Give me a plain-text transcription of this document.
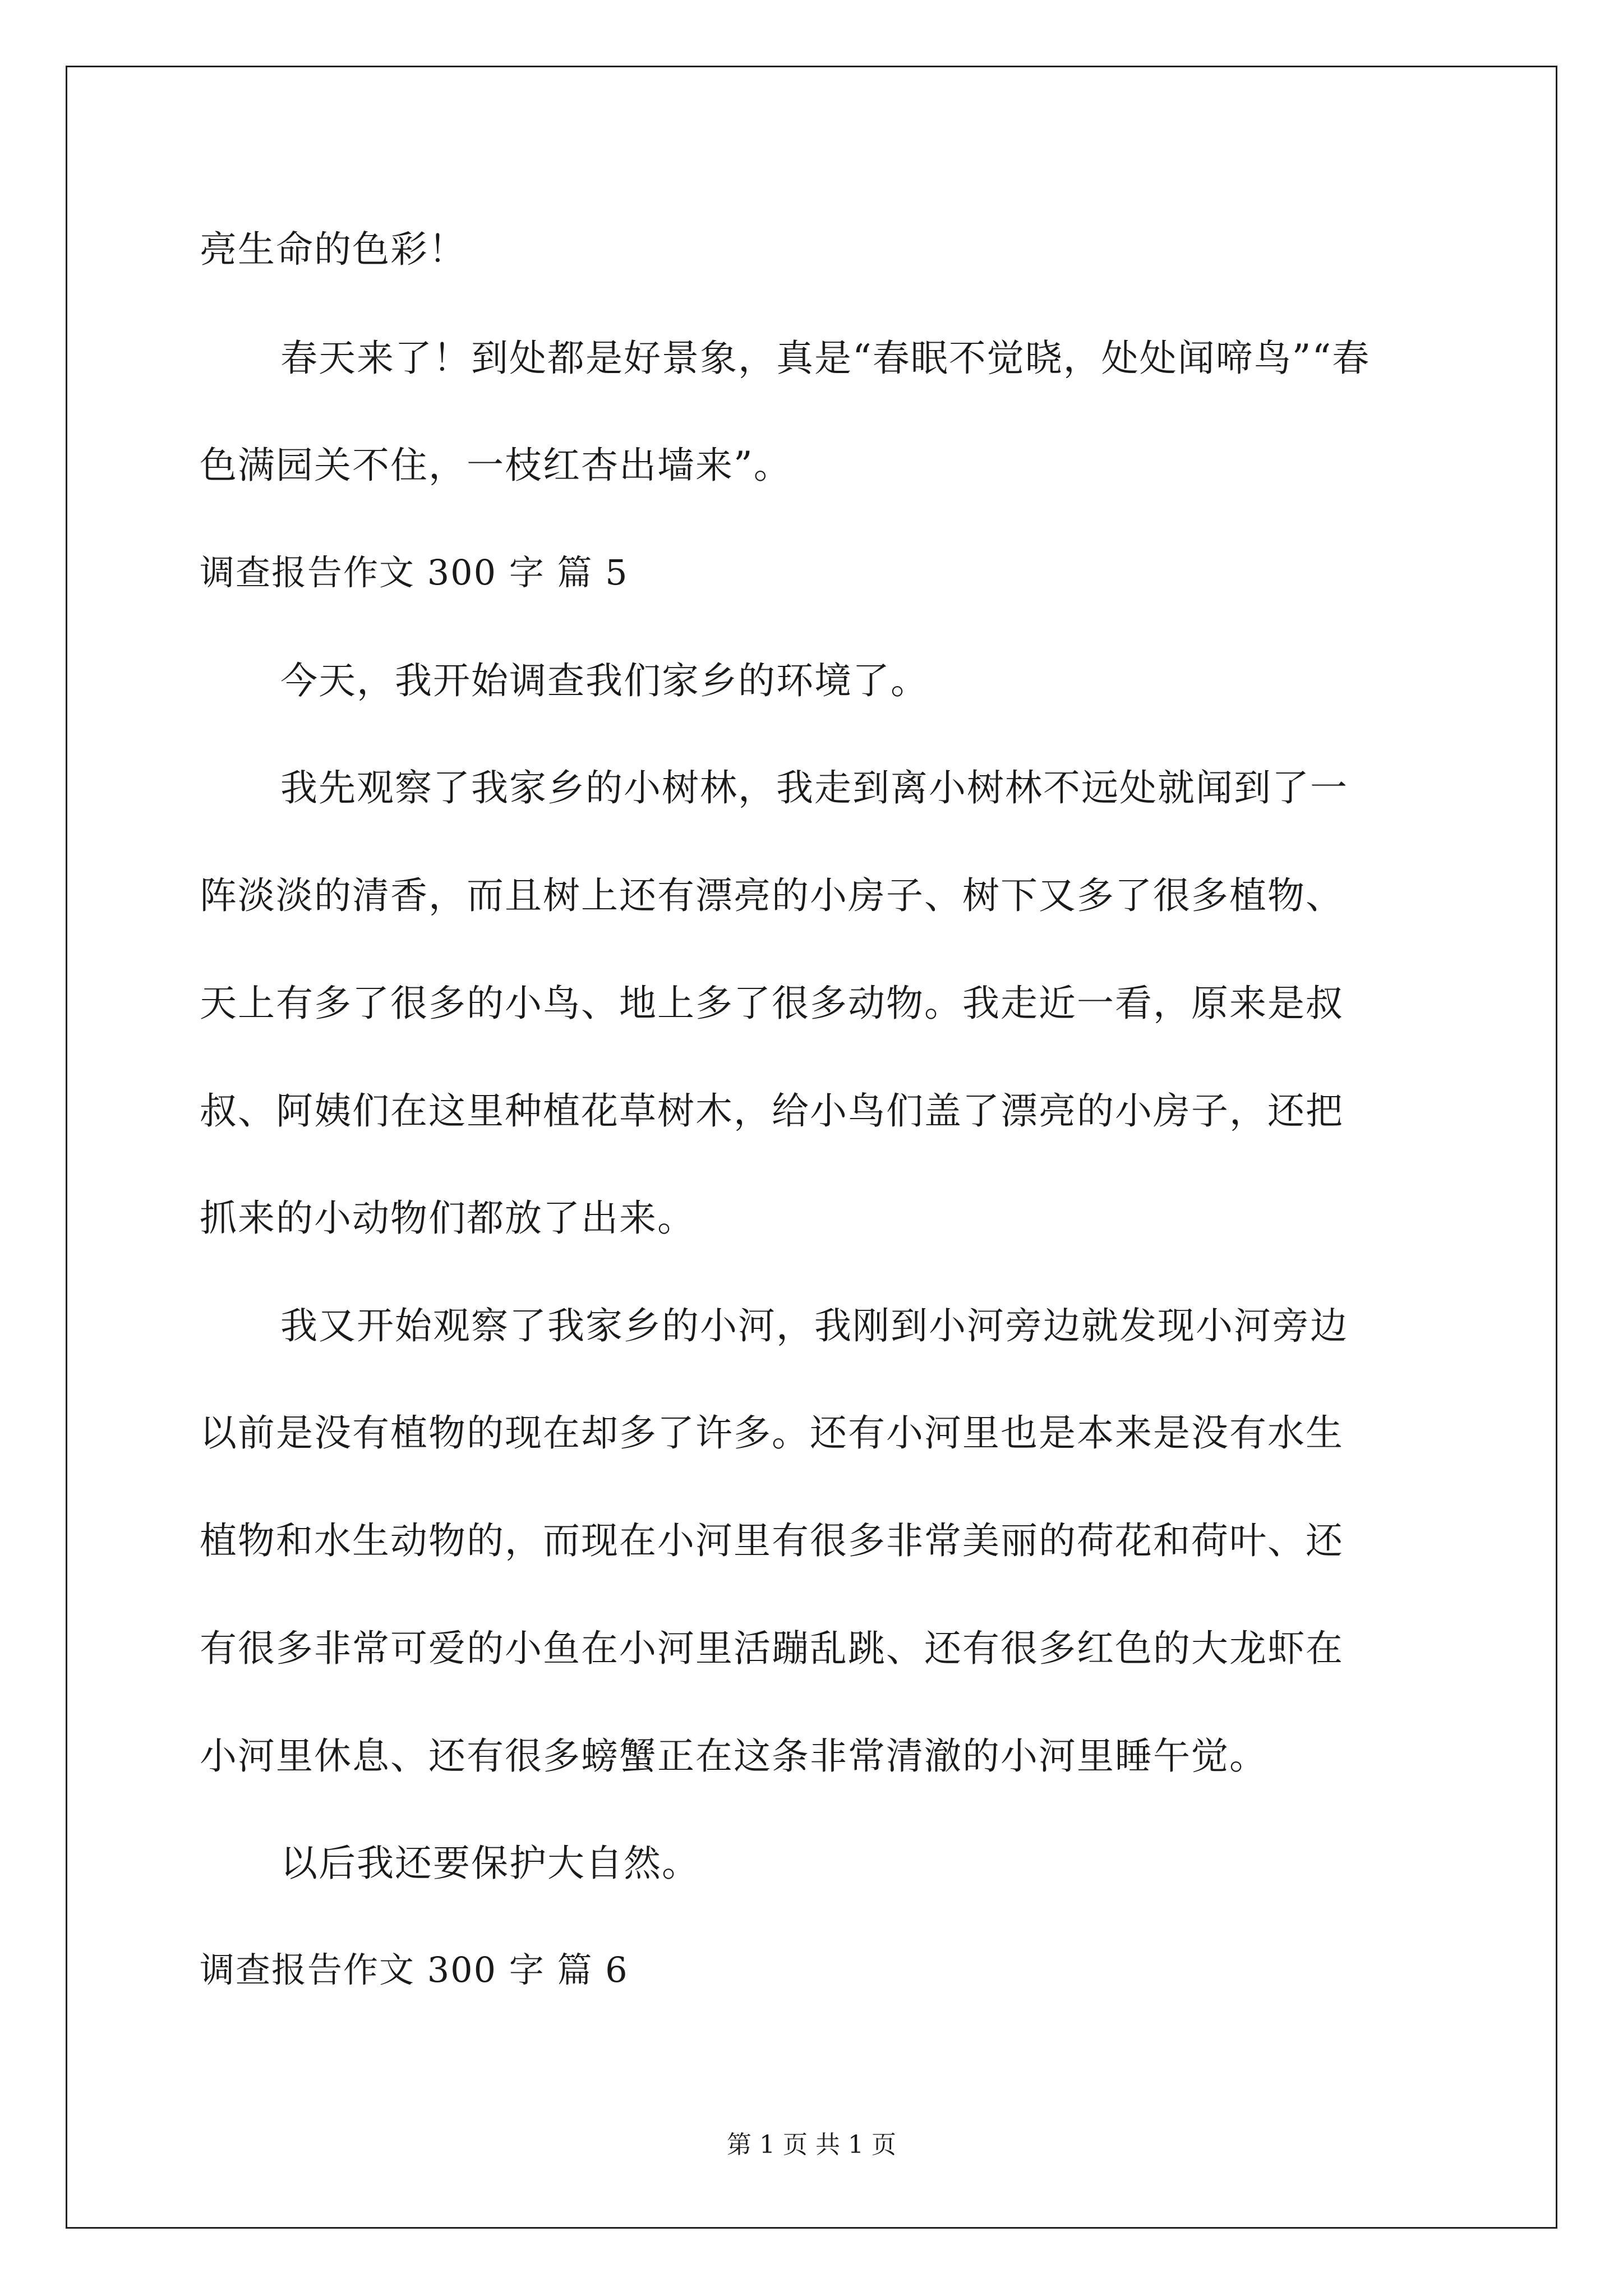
亮生命的色彩！
春天来了！到处都是好景象，真是“春眠不觉晓，处处闻啼鸟”“春
色满园关不住，一枝红杏出墙来”。
调查报告作文 300 字 篇 5
今天，我开始调查我们家乡的环境了。
我先观察了我家乡的小树林，我走到离小树林不远处就闻到了一
阵淡淡的清香，而且树上还有漂亮的小房子、树下又多了很多植物、
天上有多了很多的小鸟、地上多了很多动物。我走近一看，原来是叔
叔、阿姨们在这里种植花草树木，给小鸟们盖了漂亮的小房子，还把
抓来的小动物们都放了出来。
我又开始观察了我家乡的小河，我刚到小河旁边就发现小河旁边
以前是没有植物的现在却多了许多。还有小河里也是本来是没有水生
植物和水生动物的，而现在小河里有很多非常美丽的荷花和荷叶、还
有很多非常可爱的小鱼在小河里活蹦乱跳、还有很多红色的大龙虾在
小河里休息、还有很多螃蟹正在这条非常清澈的小河里睡午觉。
以后我还要保护大自然。
调查报告作文 300 字 篇 6
第 1 页 共 1 页
